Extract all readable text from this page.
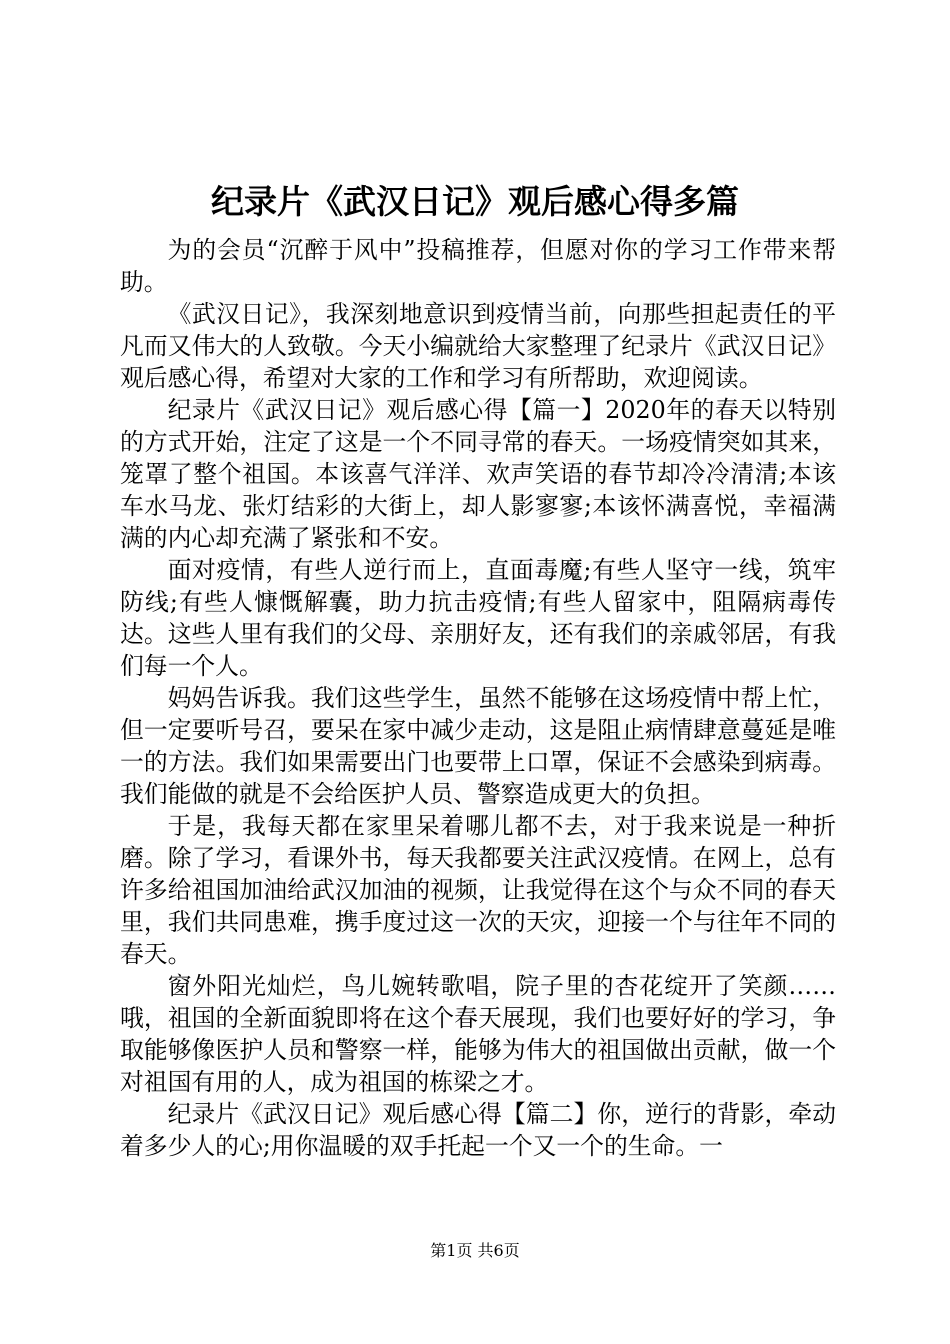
纪录片《武汉日记》观后感心得多篇

为的会员“沉醉于风中”投稿推荐，但愿对你的学习工作带来帮助。

《武汉日记》，我深刻地意识到疫情当前，向那些担起责任的平凡而又伟大的人致敬。今天小编就给大家整理了纪录片《武汉日记》观后感心得，希望对大家的工作和学习有所帮助，欢迎阅读。

纪录片《武汉日记》观后感心得【篇一】2020年的春天以特别的方式开始，注定了这是一个不同寻常的春天。一场疫情突如其来，笼罩了整个祖国。本该喜气洋洋、欢声笑语的春节却冷冷清清;本该车水马龙、张灯结彩的大街上，却人影寥寥;本该怀满喜悦，幸福满满的内心却充满了紧张和不安。

面对疫情，有些人逆行而上，直面毒魔;有些人坚守一线，筑牢防线;有些人慷慨解囊，助力抗击疫情;有些人留家中，阻隔病毒传达。这些人里有我们的父母、亲朋好友，还有我们的亲戚邻居，有我们每一个人。

妈妈告诉我。我们这些学生，虽然不能够在这场疫情中帮上忙，但一定要听号召，要呆在家中减少走动，这是阻止病情肆意蔓延是唯一的方法。我们如果需要出门也要带上口罩，保证不会感染到病毒。我们能做的就是不会给医护人员、警察造成更大的负担。

于是，我每天都在家里呆着哪儿都不去，对于我来说是一种折磨。除了学习，看课外书，每天我都要关注武汉疫情。在网上，总有许多给祖国加油给武汉加油的视频，让我觉得在这个与众不同的春天里，我们共同患难，携手度过这一次的天灾，迎接一个与往年不同的春天。

窗外阳光灿烂，鸟儿婉转歌唱，院子里的杏花绽开了笑颜……哦，祖国的全新面貌即将在这个春天展现，我们也要好好的学习，争取能够像医护人员和警察一样，能够为伟大的祖国做出贡献，做一个对祖国有用的人，成为祖国的栋梁之才。

纪录片《武汉日记》观后感心得【篇二】你，逆行的背影，牵动着多少人的心;用你温暖的双手托起一个又一个的生命。一

第1页 共6页
